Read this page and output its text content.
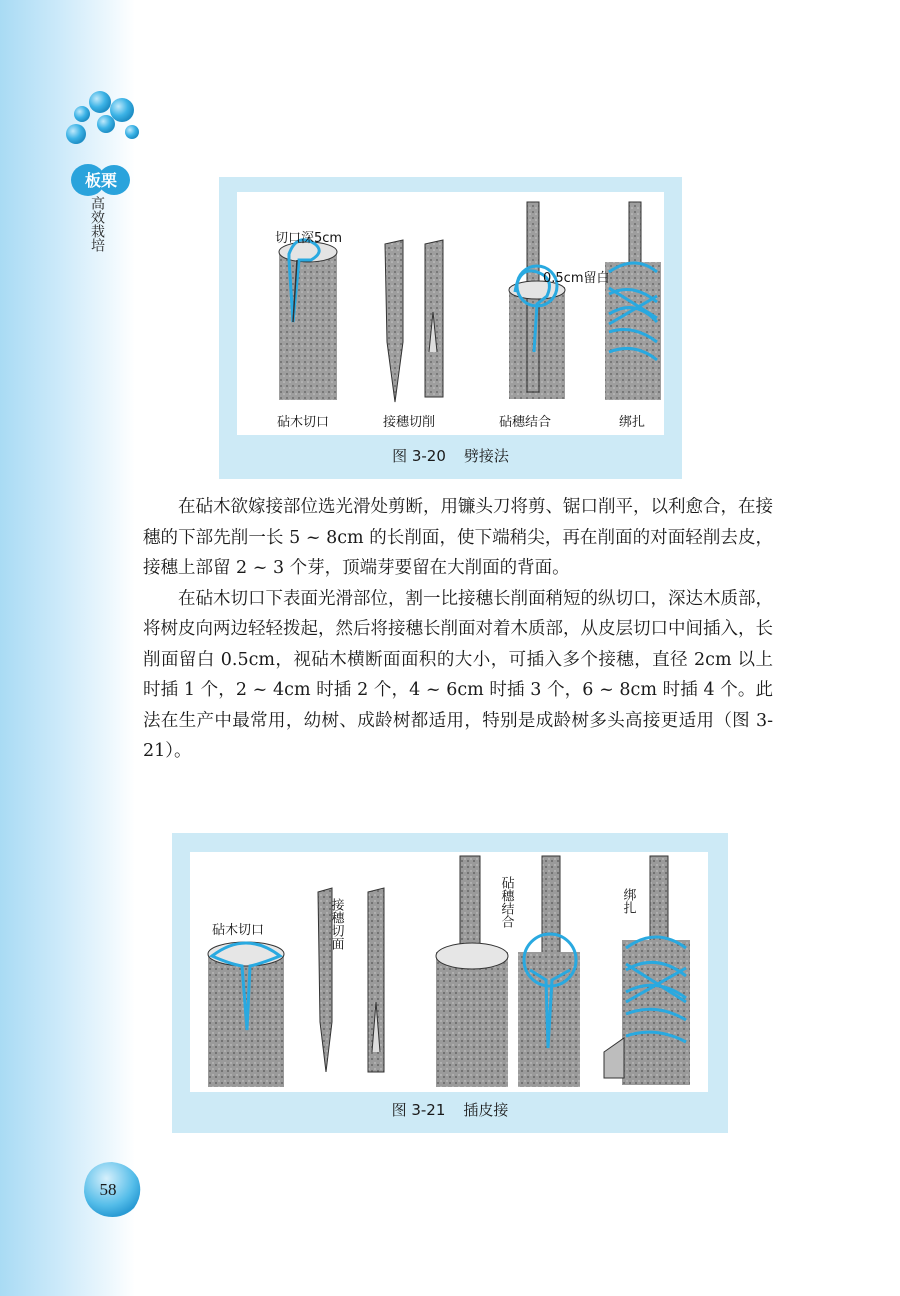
板栗
高效栽培	切口深5cm
0.5cm留白
砧木切口	接穗切削	砧穗结合	绑扎
图 3-20 劈接法

在砧木欲嫁接部位选光滑处剪断，用镰头刀将剪、锯口削平，以利愈合，在接穗的下部先削一长 5 ~ 8cm 的长削面，使下端稍尖，再在削面的对面轻削去皮，接穗上部留 2 ~ 3 个芽，顶端芽要留在大削面的背面。

在砧木切口下表面光滑部位，割一比接穗长削面稍短的纵切口，深达木质部，将树皮向两边轻轻拨起，然后将接穗长削面对着木质部，从皮层切口中间插入，长削面留白 0.5cm，视砧木横断面面积的大小，可插入多个接穗，直径 2cm 以上时插 1 个，2 ~ 4cm 时插 2 个，4 ~ 6cm 时插 3 个，6 ~ 8cm 时插 4 个。此法在生产中最常用，幼树、成龄树都适用，特别是成龄树多头高接更适用（图 3-21）。

砧木切口	接穗切面	砧穗结合	绑扎
图 3-21 插皮接
58
